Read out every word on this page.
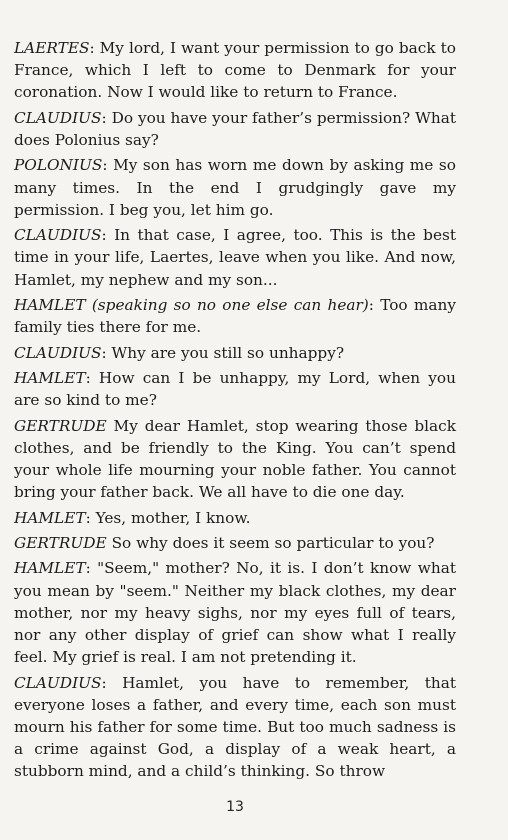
LAERTES: My lord, I want your permission to go back to France, which I left to come to Denmark for your coronation. Now I would like to return to France.

CLAUDIUS: Do you have your father’s permission? What does Polonius say?

POLONIUS: My son has worn me down by asking me so many times. In the end I grudgingly gave my permission. I beg you, let him go.

CLAUDIUS: In that case, I agree, too. This is the best time in your life, Laertes, leave when you like. And now, Hamlet, my nephew and my son...

HAMLET (speaking so no one else can hear): Too many family ties there for me.

CLAUDIUS: Why are you still so unhappy?

HAMLET: How can I be unhappy, my Lord, when you are so kind to me?

GERTRUDE My dear Hamlet, stop wearing those black clothes, and be friendly to the King. You can’t spend your whole life mourning your noble father. You cannot bring your father back. We all have to die one day.

HAMLET: Yes, mother, I know.

GERTRUDE So why does it seem so particular to you?

HAMLET: "Seem," mother? No, it is. I don’t know what you mean by "seem." Neither my black clothes, my dear mother, nor my heavy sighs, nor my eyes full of tears, nor any other display of grief can show what I really feel. My grief is real. I am not pretending it.

CLAUDIUS: Hamlet, you have to remember, that everyone loses a father, and every time, each son must mourn his father for some time. But too much sadness is a crime against God, a display of a weak heart, a stubborn mind, and a child’s thinking. So throw

13
